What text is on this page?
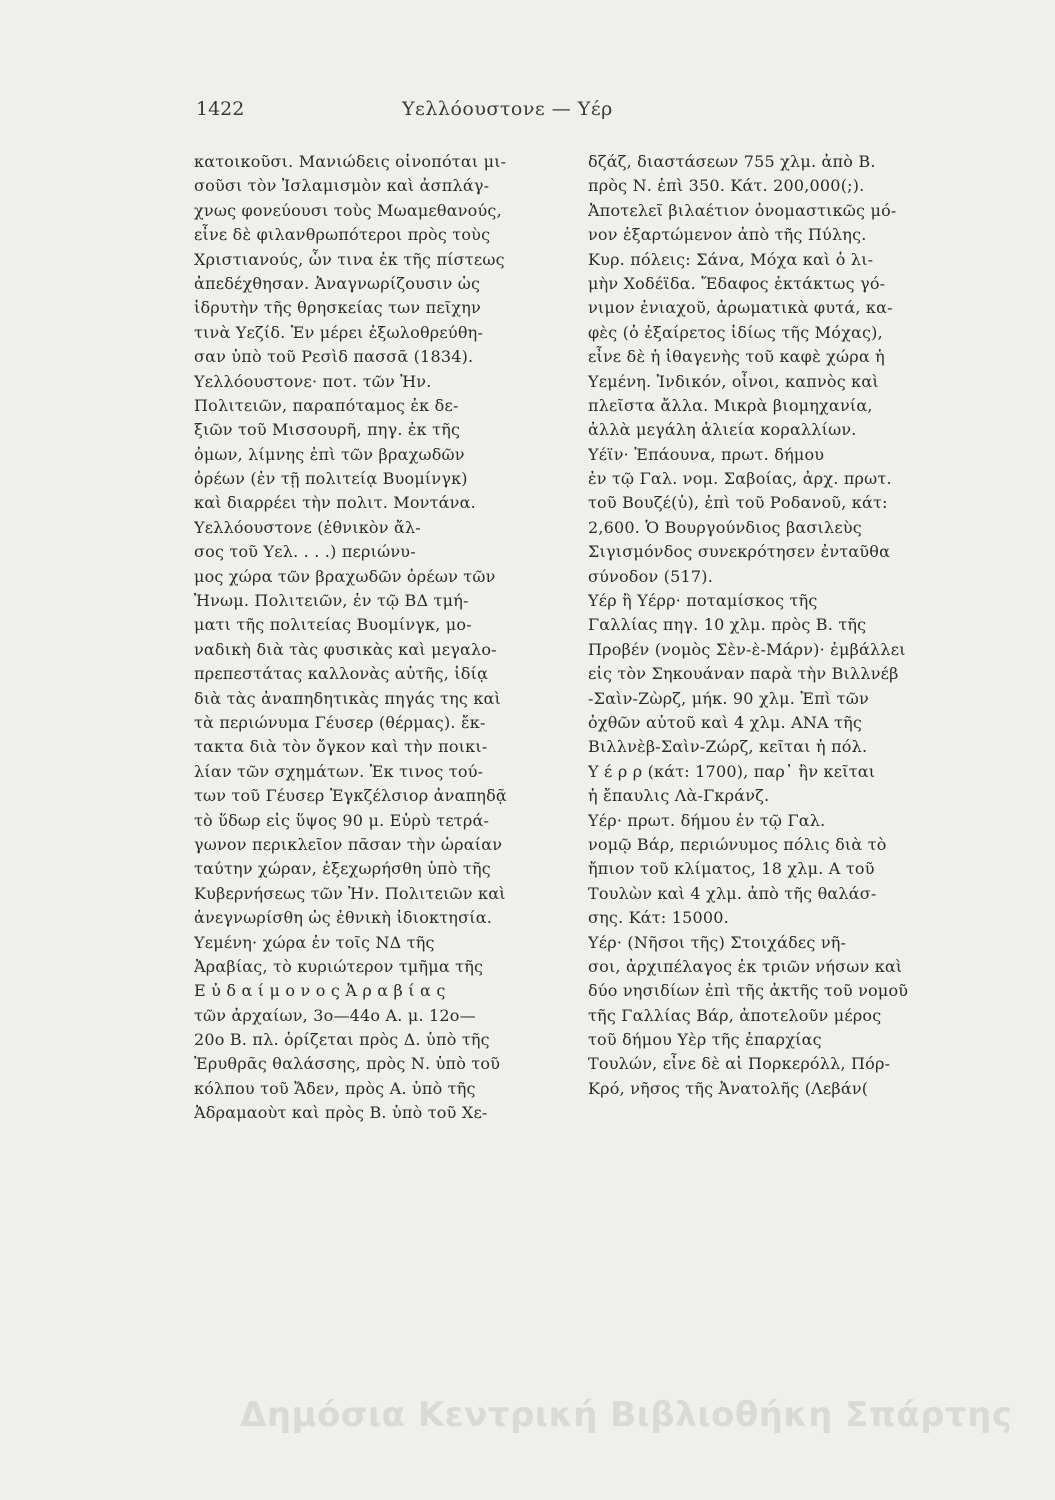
1422	Υελλόουστονε — Υέρ
κατοικοῦσι. Μανιώδεις οἰνοπόται μι-
σοῦσι τὸν Ἰσλαμισμὸν καὶ ἀσπλάγ-
χνως φονεύουσι τοὺς Μωαμεθανούς,
εἶνε δὲ φιλανθρωπότεροι πρὸς τοὺς
Χριστιανούς, ὧν τινα ἐκ τῆς πίστεως
ἀπεδέχθησαν. Ἀναγνωρίζουσιν ὡς
ἱδρυτὴν τῆς θρησκείας των πεῖχην
τινὰ Υεζίδ. Ἐν μέρει ἐξωλοθρεύθη-
σαν ὑπὸ τοῦ Ρεσὶδ πασσᾶ (1834).
Υελλόουστονε· ποτ. τῶν Ἡν.
Πολιτειῶν, παραπόταμος ἐκ δε-
ξιῶν τοῦ Μισσουρῆ, πηγ. ἐκ τῆς
ὀμων, λίμνης ἐπὶ τῶν βραχωδῶν
ὀρέων (ἐν τῇ πολιτείᾳ Βυομίνγκ)
καὶ διαρρέει τὴν πολιτ. Μοντάνα.
Υελλόουστονε (ἐθνικὸν ἄλ-
σος τοῦ Υελ. . . .) περιώνυ-
μος χώρα τῶν βραχωδῶν ὀρέων τῶν
Ἡνωμ. Πολιτειῶν, ἐν τῷ ΒΔ τμή-
ματι τῆς πολιτείας Βυομίνγκ, μο-
ναδικὴ διὰ τὰς φυσικὰς καὶ μεγαλο-
πρεπεστάτας καλλονὰς αὐτῆς, ἰδίᾳ
διὰ τὰς ἀναπηδητικὰς πηγάς της καὶ
τὰ περιώνυμα Γέυσερ (θέρμας). ἔκ-
τακτα διὰ τὸν ὄγκον καὶ τὴν ποικι-
λίαν τῶν σχημάτων. Ἐκ τινος τού-
των τοῦ Γέυσερ Ἐγκζέλσιορ ἀναπηδᾷ
τὸ ὕδωρ εἰς ὕψος 90 μ. Εὐρὺ τετρά-
γωνον περικλεῖον πᾶσαν τὴν ὡραίαν
ταύτην χώραν, ἐξεχωρήσθη ὑπὸ τῆς
Κυβερνήσεως τῶν Ἡν. Πολιτειῶν καὶ
ἀνεγνωρίσθη ὡς ἐθνικὴ ἰδιοκτησία.
Υεμένη· χώρα ἐν τοῖς ΝΔ τῆς
Ἀραβίας, τὸ κυριώτερον τμῆμα τῆς
Ε ὐ δ α ί μ ο ν ο ς Ἀ ρ α β ί α ς
τῶν ἀρχαίων, 3ο—44ο Α. μ. 12ο—
20ο Β. πλ. ὁρίζεται πρὸς Δ. ὑπὸ τῆς
Ἐρυθρᾶς θαλάσσης, πρὸς Ν. ὑπὸ τοῦ
κόλπου τοῦ Ἄδεν, πρὸς Α. ὑπὸ τῆς
Ἀδραμαοὺτ καὶ πρὸς Β. ὑπὸ τοῦ Χε-
δζάζ, διαστάσεων 755 χλμ. ἀπὸ Β.
πρὸς Ν. ἐπὶ 350. Κάτ. 200,000(;).
Ἀποτελεῖ βιλαέτιον ὀνομαστικῶς μό-
νον ἐξαρτώμενον ἀπὸ τῆς Πύλης.
Κυρ. πόλεις: Σάνα, Μόχα καὶ ὁ λι-
μὴν Χοδέϊδα. Ἔδαφος ἐκτάκτως γό-
νιμον ἐνιαχοῦ, ἀρωματικὰ φυτά, κα-
φὲς (ὁ ἐξαίρετος ἰδίως τῆς Μόχας),
εἶνε δὲ ἡ ἰθαγενὴς τοῦ καφὲ χώρα ἡ
Υεμένη. Ἰνδικόν, οἶνοι, καπνὸς καὶ
πλεῖστα ἄλλα. Μικρὰ βιομηχανία,
ἀλλὰ μεγάλη ἁλιεία κοραλλίων.
Υέϊν· Ἐπάουνα, πρωτ. δήμου
ἐν τῷ Γαλ. νομ. Σαβοίας, ἀρχ. πρωτ.
τοῦ Βουζέ(ὑ), ἐπὶ τοῦ Ροδανοῦ, κάτ:
2,600. Ὁ Βουργούνδιος βασιλεὺς
Σιγισμόνδος συνεκρότησεν ἐνταῦθα
σύνοδον (517).
Υέρ ἢ Υέρρ· ποταμίσκος τῆς
Γαλλίας πηγ. 10 χλμ. πρὸς Β. τῆς
Προβέν (νομὸς Σὲν-ὲ-Μάρν)· ἐμβάλλει
εἰς τὸν Σηκουάναν παρὰ τὴν Βιλλνέβ
-Σαὶν-Ζὼρζ, μήκ. 90 χλμ. Ἐπὶ τῶν
ὀχθῶν αὐτοῦ καὶ 4 χλμ. ΑΝΑ τῆς
Βιλλνὲβ-Σαὶν-Ζώρζ, κεῖται ἡ πόλ.
Υ έ ρ ρ (κάτ: 1700), παρ᾽ ἣν κεῖται
ἡ ἔπαυλις Λὰ-Γκράνζ.
Υέρ· πρωτ. δήμου ἐν τῷ Γαλ.
νομῷ Βάρ, περιώνυμος πόλις διὰ τὸ
ἤπιον τοῦ κλίματος, 18 χλμ. Α τοῦ
Τουλὼν καὶ 4 χλμ. ἀπὸ τῆς θαλάσ-
σης. Κάτ: 15000.
Υέρ· (Νῆσοι τῆς) Στοιχάδες νῆ-
σοι, ἀρχιπέλαγος ἐκ τριῶν νήσων καὶ
δύο νησιδίων ἐπὶ τῆς ἀκτῆς τοῦ νομοῦ
τῆς Γαλλίας Βάρ, ἀποτελοῦν μέρος
τοῦ δήμου Υὲρ τῆς ἐπαρχίας
Τουλών, εἶνε δὲ αἱ Πορκερόλλ, Πόρ-
Κρό, νῆσος τῆς Ἀνατολῆς (Λεβάν(
Δημόσια Κεντρική Βιβλιοθήκη Σπάρτης
